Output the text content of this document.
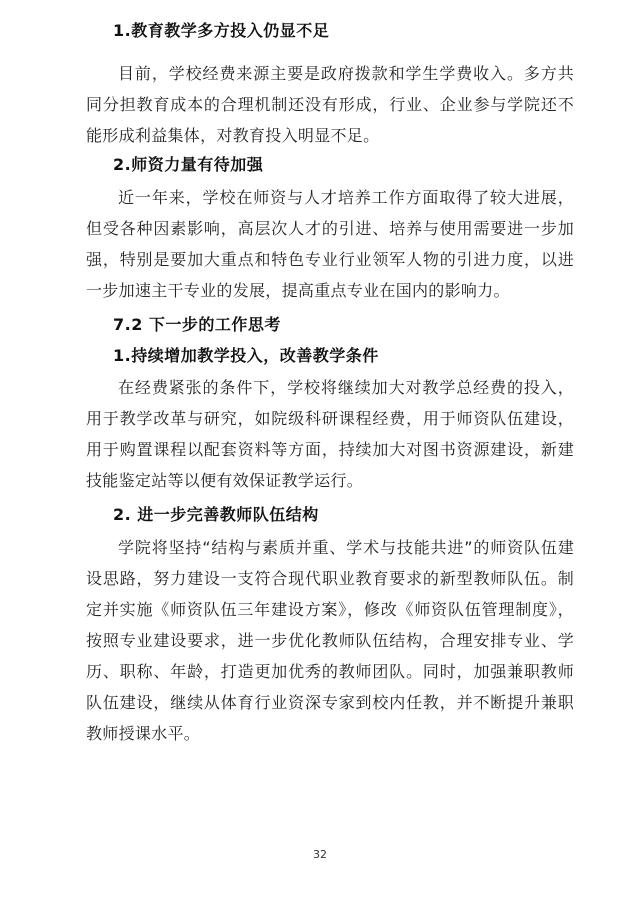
1.教育教学多方投入仍显不足
目前，学校经费来源主要是政府拨款和学生学费收入。多方共同分担教育成本的合理机制还没有形成，行业、企业参与学院还不能形成利益集体，对教育投入明显不足。
2.师资力量有待加强
近一年来，学校在师资与人才培养工作方面取得了较大进展，但受各种因素影响，高层次人才的引进、培养与使用需要进一步加强，特别是要加大重点和特色专业行业领军人物的引进力度，以进一步加速主干专业的发展，提高重点专业在国内的影响力。
7.2 下一步的工作思考
1.持续增加教学投入，改善教学条件
在经费紧张的条件下，学校将继续加大对教学总经费的投入，用于教学改革与研究，如院级科研课程经费，用于师资队伍建设，用于购置课程以配套资料等方面，持续加大对图书资源建设，新建技能鉴定站等以便有效保证教学运行。
2. 进一步完善教师队伍结构
学院将坚持“结构与素质并重、学术与技能共进”的师资队伍建设思路，努力建设一支符合现代职业教育要求的新型教师队伍。制定并实施《师资队伍三年建设方案》，修改《师资队伍管理制度》，按照专业建设要求，进一步优化教师队伍结构，合理安排专业、学历、职称、年龄，打造更加优秀的教师团队。同时，加强兼职教师队伍建设，继续从体育行业资深专家到校内任教，并不断提升兼职教师授课水平。
32
